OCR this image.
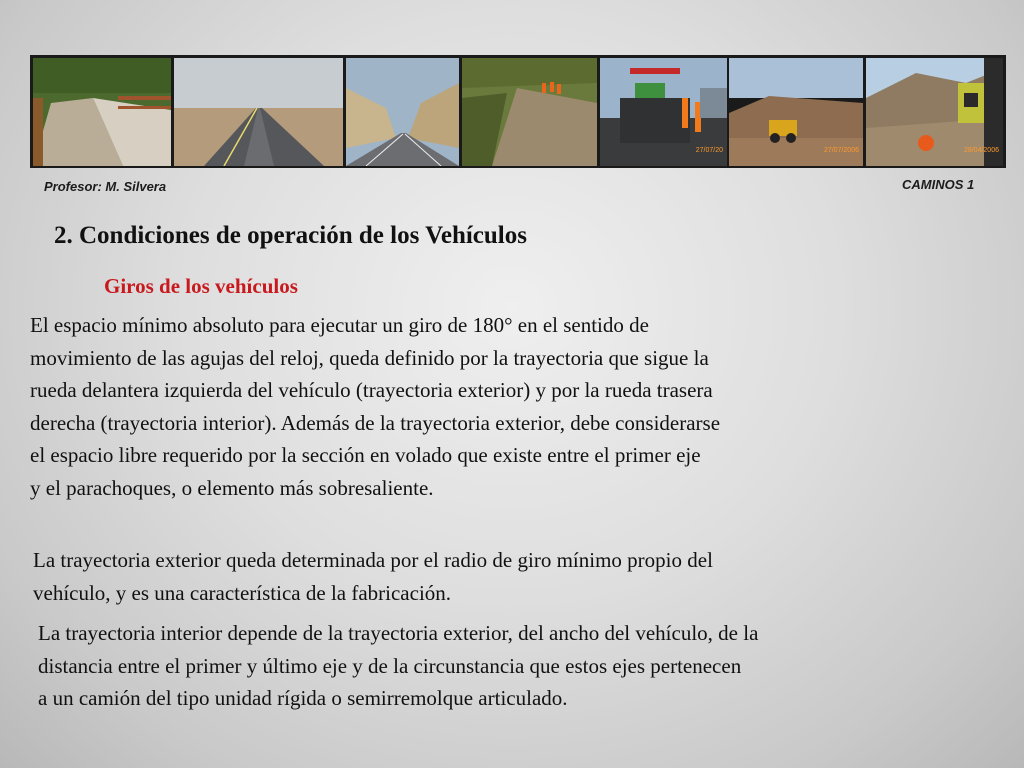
27/07/20	27/07/2006	28/04/2006
Profesor: M. Silvera	CAMINOS 1
2. Condiciones de operación de los Vehículos
Giros de los vehículos

El espacio mínimo absoluto para ejecutar un giro de 180° en el sentido de
movimiento de las agujas del reloj, queda definido por la trayectoria que sigue la
rueda delantera izquierda del vehículo (trayectoria exterior) y por la rueda trasera
derecha (trayectoria interior). Además de la trayectoria exterior, debe considerarse
el espacio libre requerido por la sección en volado que existe entre el primer eje
y el parachoques, o elemento más sobresaliente.

La trayectoria exterior queda determinada por el radio de giro mínimo propio del
vehículo, y es una característica de la fabricación.

La trayectoria interior depende de la trayectoria exterior, del ancho del vehículo, de la
distancia entre el primer y último eje y de la circunstancia que estos ejes pertenecen
a un camión del tipo unidad rígida o semirremolque articulado.
